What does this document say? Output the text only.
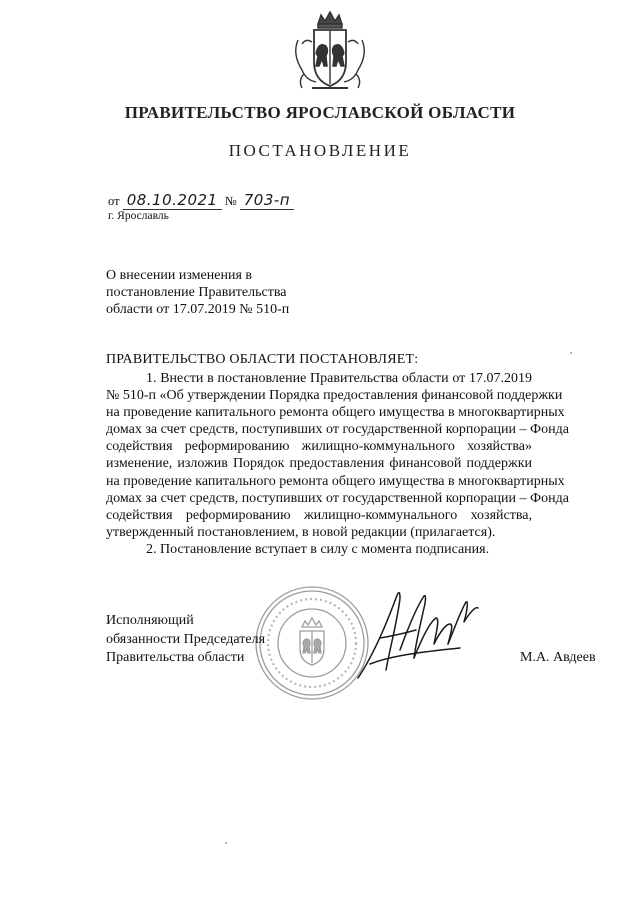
ПРАВИТЕЛЬСТВО ЯРОСЛАВСКОЙ ОБЛАСТИ
ПОСТАНОВЛЕНИЕ
от 08.10.2021 № 703-п
г. Ярославль
О внесении изменения в
постановление Правительства
области от 17.07.2019 № 510-п
ПРАВИТЕЛЬСТВО ОБЛАСТИ ПОСТАНОВЛЯЕТ:
1. Внести в постановление Правительства области от 17.07.2019
№ 510-п «Об утверждении Порядка предоставления финансовой поддержки
на проведение капитального ремонта общего имущества в многоквартирных
домах за счет средств, поступивших от государственной корпорации – Фонда
содействия реформированию жилищно-коммунального хозяйства»
изменение, изложив Порядок предоставления финансовой поддержки
на проведение капитального ремонта общего имущества в многоквартирных
домах за счет средств, поступивших от государственной корпорации – Фонда
содействия реформированию жилищно-коммунального хозяйства,
утвержденный постановлением, в новой редакции (прилагается).
2. Постановление вступает в силу с момента подписания.
Исполняющий
обязанности Председателя
Правительства области	М.А. Авдеев
